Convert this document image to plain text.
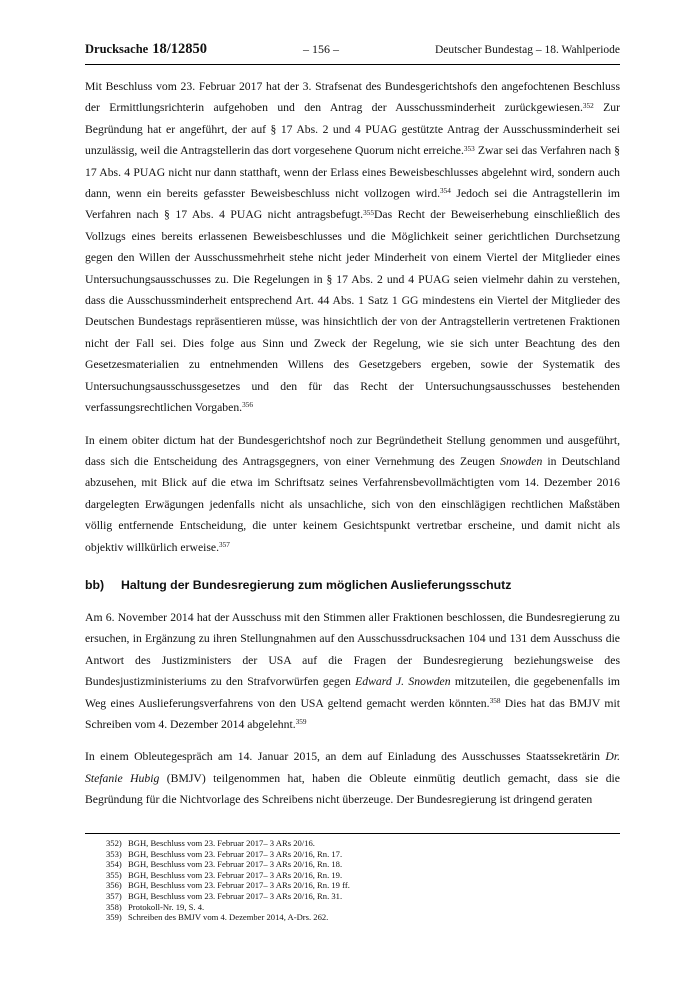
Drucksache 18/12850	– 156 –	Deutscher Bundestag – 18. Wahlperiode

Mit Beschluss vom 23. Februar 2017 hat der 3. Strafsenat des Bundesgerichtshofs den angefochtenen Beschluss der Ermittlungsrichterin aufgehoben und den Antrag der Ausschussminderheit zurückgewiesen.$^{352}$ Zur Begründung hat er angeführt, der auf § 17 Abs. 2 und 4 PUAG gestützte Antrag der Ausschussminderheit sei unzulässig, weil die Antragstellerin das dort vorgesehene Quorum nicht erreiche.$^{353}$ Zwar sei das Verfahren nach § 17 Abs. 4 PUAG nicht nur dann statthaft, wenn der Erlass eines Beweisbeschlusses abgelehnt wird, sondern auch dann, wenn ein bereits gefasster Beweisbeschluss nicht vollzogen wird.$^{354}$ Jedoch sei die Antragstellerin im Verfahren nach § 17 Abs. 4 PUAG nicht antragsbefugt.$^{355}$Das Recht der Beweiserhebung einschließlich des Vollzugs eines bereits erlassenen Beweisbeschlusses und die Möglichkeit seiner gerichtlichen Durchsetzung gegen den Willen der Ausschussmehrheit stehe nicht jeder Minderheit von einem Viertel der Mitglieder eines Untersuchungsausschusses zu. Die Regelungen in § 17 Abs. 2 und 4 PUAG seien vielmehr dahin zu verstehen, dass die Ausschussminderheit entsprechend Art. 44 Abs. 1 Satz 1 GG mindestens ein Viertel der Mitglieder des Deutschen Bundestags repräsentieren müsse, was hinsichtlich der von der Antragstellerin vertretenen Fraktionen nicht der Fall sei. Dies folge aus Sinn und Zweck der Regelung, wie sie sich unter Beachtung des den Gesetzesmaterialien zu entnehmenden Willens des Gesetzgebers ergeben, sowie der Systematik des Untersuchungsausschussgesetzes und den für das Recht der Untersuchungsausschusses bestehenden verfassungsrechtlichen Vorgaben.$^{356}$

In einem obiter dictum hat der Bundesgerichtshof noch zur Begründetheit Stellung genommen und ausgeführt, dass sich die Entscheidung des Antragsgegners, von einer Vernehmung des Zeugen Snowden in Deutschland abzusehen, mit Blick auf die etwa im Schriftsatz seines Verfahrensbevollmächtigten vom 14. Dezember 2016 dargelegten Erwägungen jedenfalls nicht als unsachliche, sich von den einschlägigen rechtlichen Maßstäben völlig entfernende Entscheidung, die unter keinem Gesichtspunkt vertretbar erscheine, und damit nicht als objektiv willkürlich erweise.$^{357}$

bb)	Haltung der Bundesregierung zum möglichen Auslieferungsschutz

Am 6. November 2014 hat der Ausschuss mit den Stimmen aller Fraktionen beschlossen, die Bundesregierung zu ersuchen, in Ergänzung zu ihren Stellungnahmen auf den Ausschussdrucksachen 104 und 131 dem Ausschuss die Antwort des Justizministers der USA auf die Fragen der Bundesregierung beziehungsweise des Bundesjustizministeriums zu den Strafvorwürfen gegen Edward J. Snowden mitzuteilen, die gegebenenfalls im Weg eines Auslieferungsverfahrens von den USA geltend gemacht werden könnten.$^{358}$ Dies hat das BMJV mit Schreiben vom 4. Dezember 2014 abgelehnt.$^{359}$

In einem Obleutegespräch am 14. Januar 2015, an dem auf Einladung des Ausschusses Staatssekretärin Dr. Stefanie Hubig (BMJV) teilgenommen hat, haben die Obleute einmütig deutlich gemacht, dass sie die Begründung für die Nichtvorlage des Schreibens nicht überzeuge. Der Bundesregierung ist dringend geraten

352) BGH, Beschluss vom 23. Februar 2017– 3 ARs 20/16.
353) BGH, Beschluss vom 23. Februar 2017– 3 ARs 20/16, Rn. 17.
354) BGH, Beschluss vom 23. Februar 2017– 3 ARs 20/16, Rn. 18.
355) BGH, Beschluss vom 23. Februar 2017– 3 ARs 20/16, Rn. 19.
356) BGH, Beschluss vom 23. Februar 2017– 3 ARs 20/16, Rn. 19 ff.
357) BGH, Beschluss vom 23. Februar 2017– 3 ARs 20/16, Rn. 31.
358) Protokoll-Nr. 19, S. 4.
359) Schreiben des BMJV vom 4. Dezember 2014, A-Drs. 262.
